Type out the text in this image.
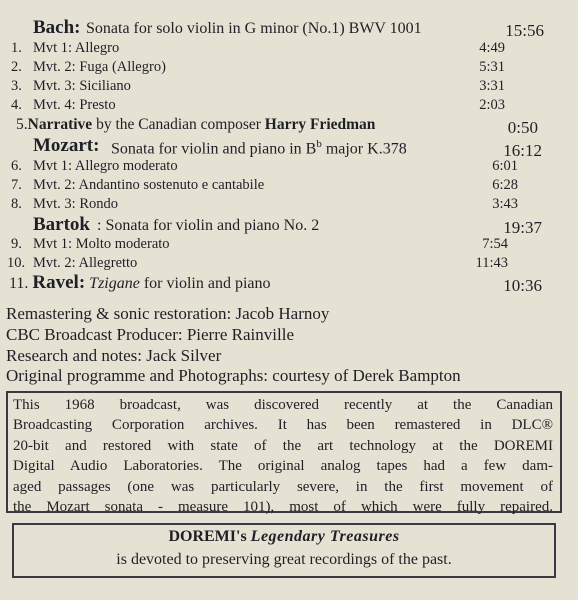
Bach: Sonata for solo violin in G minor (No.1) BWV 1001	15:56
1. Mvt 1: Allegro	4:49
2. Mvt. 2: Fuga (Allegro)	5:31
3. Mvt. 3: Siciliano	3:31
4. Mvt. 4: Presto	2:03
5.Narrative by the Canadian composer Harry Friedman	0:50
Mozart: Sonata for violin and piano in $B^b$ major K.378	16:12
6. Mvt 1: Allegro moderato	6:01
7. Mvt. 2: Andantino sostenuto e cantabile	6:28
8. Mvt. 3: Rondo	3:43
Bartok : Sonata for violin and piano No. 2	19:37
9. Mvt 1: Molto moderato	7:54
10. Mvt. 2: Allegretto	11:43
11. Ravel: Tzigane for violin and piano	10:36
Remastering & sonic restoration: Jacob Harnoy
CBC Broadcast Producer: Pierre Rainville
Research and notes: Jack Silver
Original programme and Photographs: courtesy of Derek Bampton
This 1968 broadcast, was discovered recently at the Canadian
Broadcasting Corporation archives. It has been remastered in DLC®
20-bit and restored with state of the art technology at the DOREMI
Digital Audio Laboratories. The original analog tapes had a few dam-
aged passages (one was particularly severe, in the first movement of
the Mozart sonata - measure 101), most of which were fully repaired.
DOREMI's Legendary Treasures
is devoted to preserving great recordings of the past.
